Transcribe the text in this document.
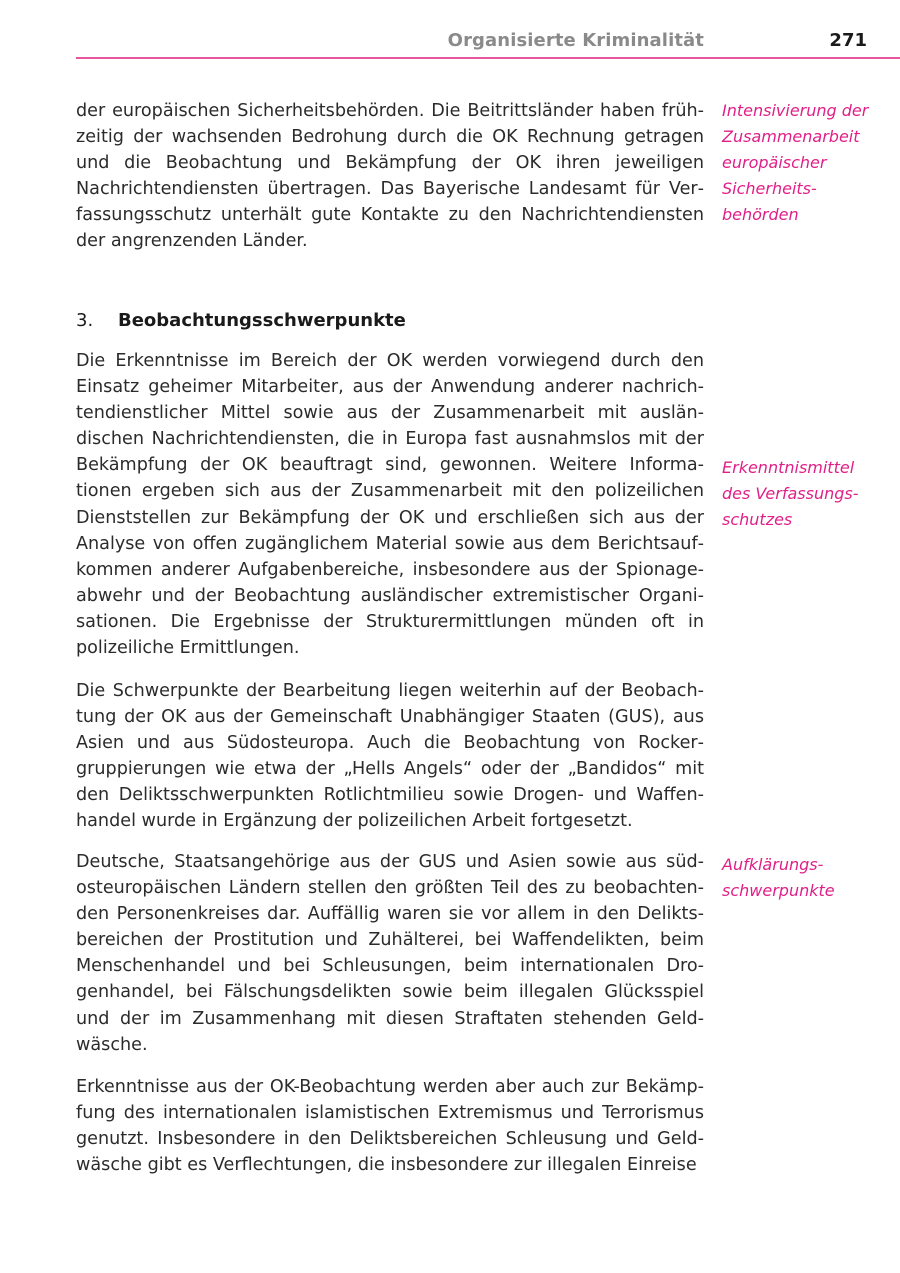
Organisierte Kriminalität	271

der europäischen Sicherheitsbehörden. Die Beitrittsländer haben frühzeitig der wachsenden Bedrohung durch die OK Rechnung getragen und die Beobachtung und Bekämpfung der OK ihren jeweiligen Nachrichtendiensten übertragen. Das Bayerische Landesamt für Verfassungsschutz unterhält gute Kontakte zu den Nachrichtendiensten der angrenzenden Länder.

3. Beobachtungsschwerpunkte

Die Erkenntnisse im Bereich der OK werden vorwiegend durch den Einsatz geheimer Mitarbeiter, aus der Anwendung anderer nachrichtendienstlicher Mittel sowie aus der Zusammenarbeit mit ausländischen Nachrichtendiensten, die in Europa fast ausnahmslos mit der Bekämpfung der OK beauftragt sind, gewonnen. Weitere Informationen ergeben sich aus der Zusammenarbeit mit den polizeilichen Dienststellen zur Bekämpfung der OK und erschließen sich aus der Analyse von offen zugänglichem Material sowie aus dem Berichtsaufkommen anderer Aufgabenbereiche, insbesondere aus der Spionageabwehr und der Beobachtung ausländischer extremistischer Organisationen. Die Ergebnisse der Strukturermittlungen münden oft in polizeiliche Ermittlungen.

Die Schwerpunkte der Bearbeitung liegen weiterhin auf der Beobachtung der OK aus der Gemeinschaft Unabhängiger Staaten (GUS), aus Asien und aus Südosteuropa. Auch die Beobachtung von Rockergruppierungen wie etwa der „Hells Angels“ oder der „Bandidos“ mit den Deliktsschwerpunkten Rotlichtmilieu sowie Drogen- und Waffenhandel wurde in Ergänzung der polizeilichen Arbeit fortgesetzt.

Deutsche, Staatsangehörige aus der GUS und Asien sowie aus südosteuropäischen Ländern stellen den größten Teil des zu beobachtenden Personenkreises dar. Auffällig waren sie vor allem in den Deliktsbereichen der Prostitution und Zuhälterei, bei Waffendelikten, beim Menschenhandel und bei Schleusungen, beim internationalen Drogenhandel, bei Fälschungsdelikten sowie beim illegalen Glücksspiel und der im Zusammenhang mit diesen Straftaten stehenden Geldwäsche.

Erkenntnisse aus der OK-Beobachtung werden aber auch zur Bekämpfung des internationalen islamistischen Extremismus und Terrorismus genutzt. Insbesondere in den Deliktsbereichen Schleusung und Geldwäsche gibt es Verflechtungen, die insbesondere zur illegalen Einreise

Intensivierung der
Zusammenarbeit
europäischer
Sicherheits-
behörden
Erkenntnismittel
des Verfassungs-
schutzes
Aufklärungs-
schwerpunkte
